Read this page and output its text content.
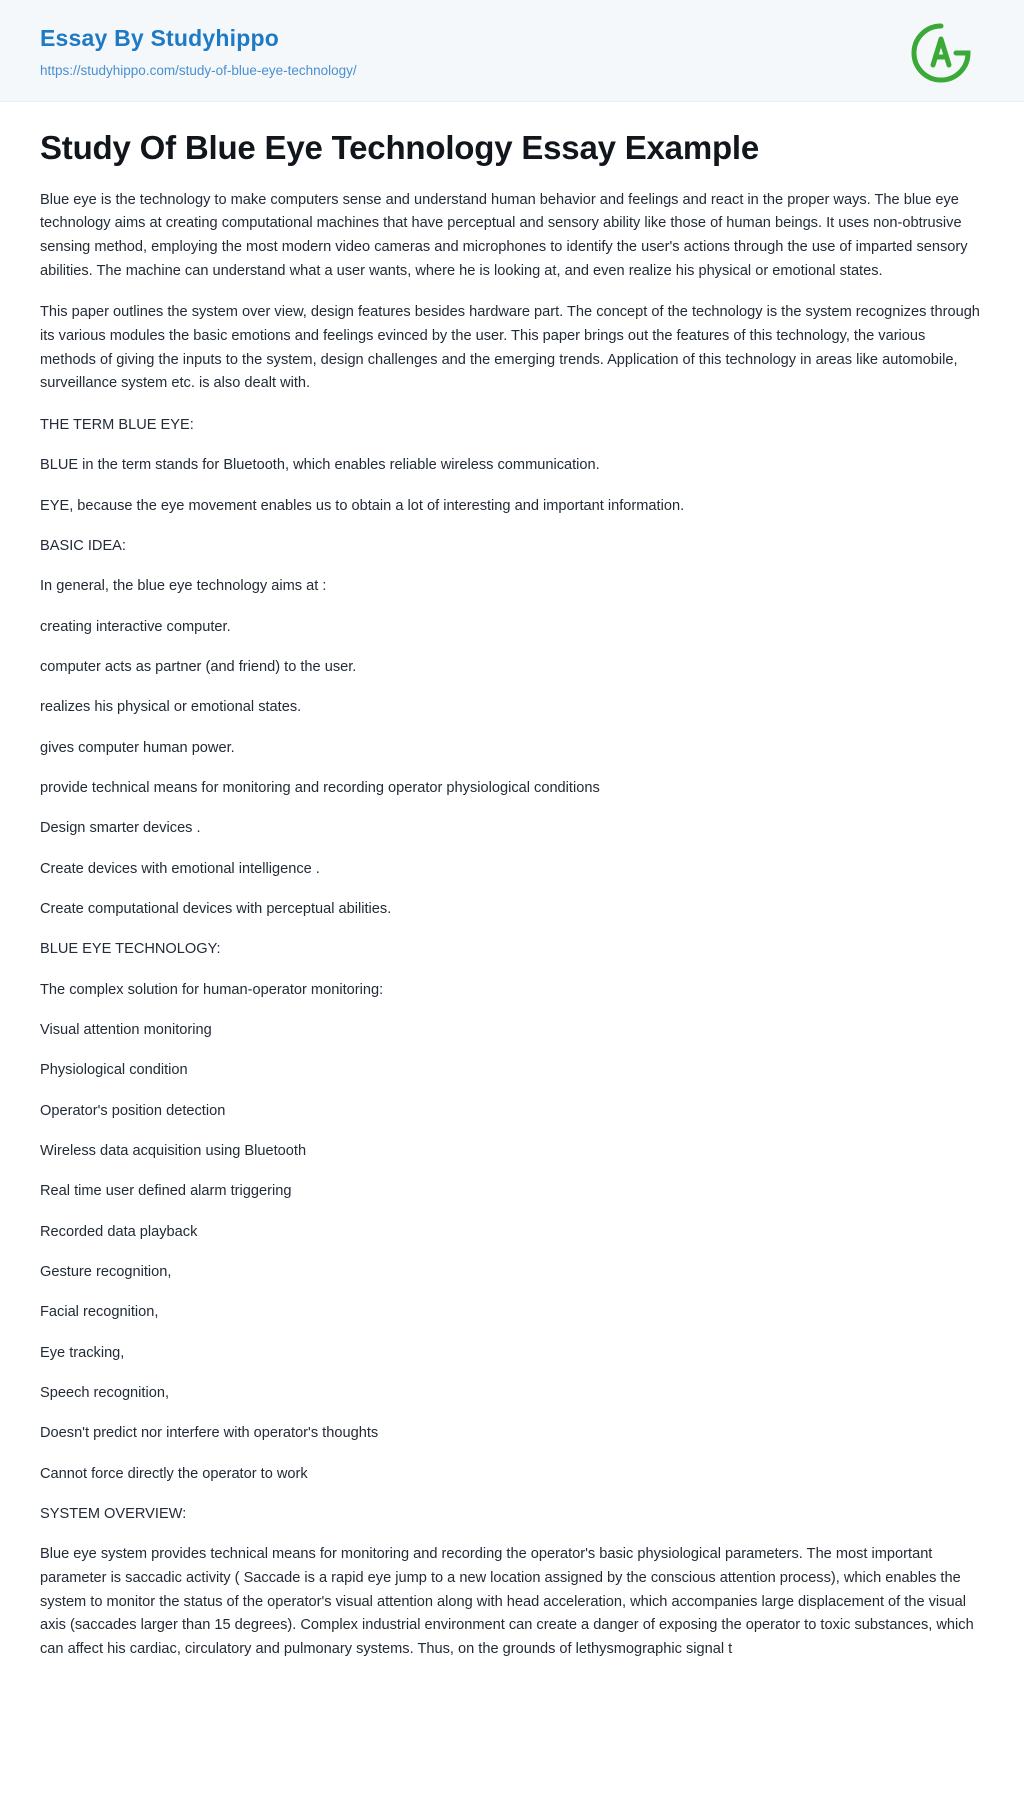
Essay By Studyhippo
https://studyhippo.com/study-of-blue-eye-technology/
Study Of Blue Eye Technology Essay Example

Blue eye is the technology to make computers sense and understand human behavior and feelings and react in the proper ways. The blue eye technology aims at creating computational machines that have perceptual and sensory ability like those of human beings. It uses non-obtrusive sensing method, employing the most modern video cameras and microphones to identify the user's actions through the use of imparted sensory abilities. The machine can understand what a user wants, where he is looking at, and even realize his physical or emotional states.

This paper outlines the system over view, design features besides hardware part. The concept of the technology is the system recognizes through its various modules the basic emotions and feelings evinced by the user. This paper brings out the features of this technology, the various methods of giving the inputs to the system, design challenges and the emerging trends. Application of this technology in areas like automobile, surveillance system etc. is also dealt with.

THE TERM BLUE EYE:

BLUE in the term stands for Bluetooth, which enables reliable wireless communication.

EYE, because the eye movement enables us to obtain a lot of interesting and important information.

BASIC IDEA:

In general, the blue eye technology aims at :

creating interactive computer.

computer acts as partner (and friend) to the user.

realizes his physical or emotional states.

gives computer human power.

provide technical means for monitoring and recording operator physiological conditions

Design smarter devices .

Create devices with emotional intelligence .

Create computational devices with perceptual abilities.

BLUE EYE TECHNOLOGY:

The complex solution for human-operator monitoring:

Visual attention monitoring

Physiological condition

Operator's position detection

Wireless data acquisition using Bluetooth

Real time user defined alarm triggering

Recorded data playback

Gesture recognition,

Facial recognition,

Eye tracking,

Speech recognition,

Doesn't predict nor interfere with operator's thoughts

Cannot force directly the operator to work

SYSTEM OVERVIEW:

Blue eye system provides technical means for monitoring and recording the operator's basic physiological parameters. The most important parameter is saccadic activity ( Saccade is a rapid eye jump to a new location assigned by the conscious attention process), which enables the system to monitor the status of the operator's visual attention along with head acceleration, which accompanies large displacement of the visual axis (saccades larger than 15 degrees). Complex industrial environment can create a danger of exposing the operator to toxic substances, which can affect his cardiac, circulatory and pulmonary systems. Thus, on the grounds of lethysmographic signal t
